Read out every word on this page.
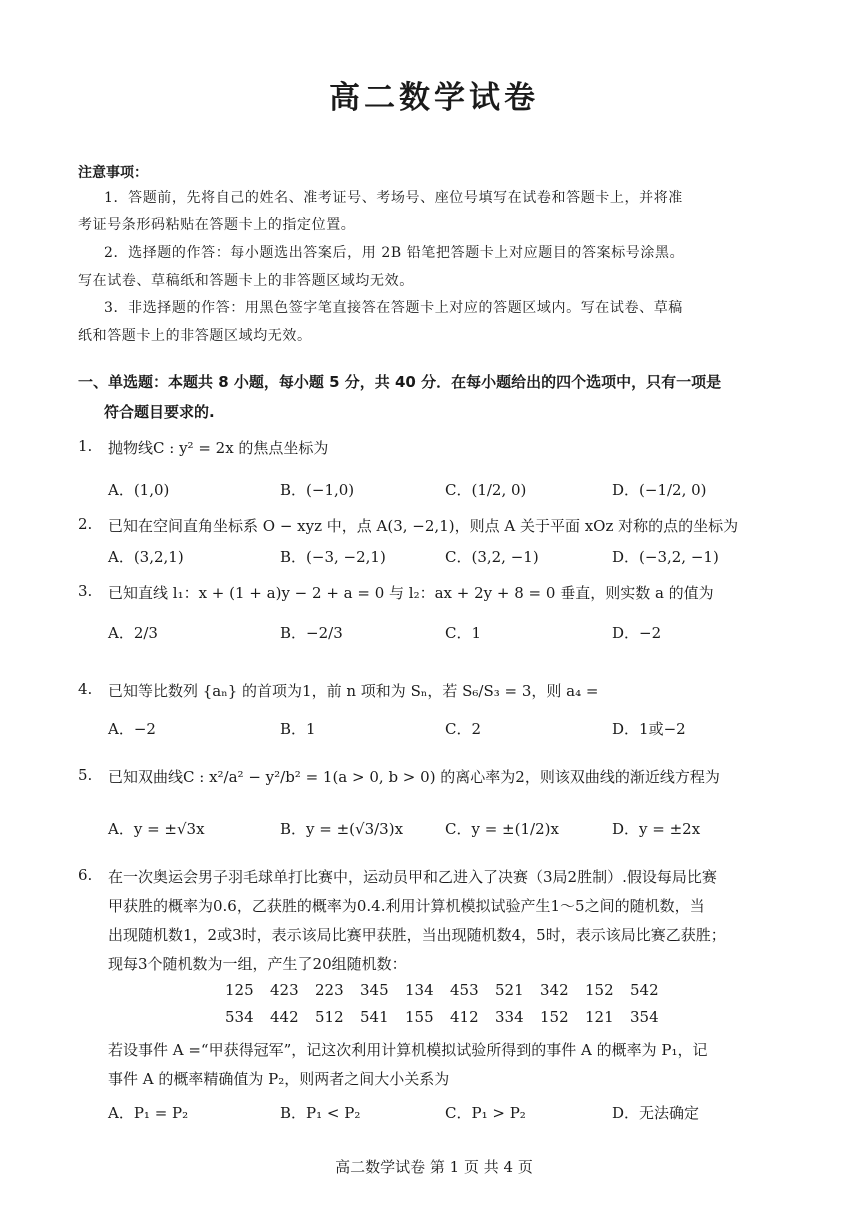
高二数学试卷
注意事项：
1．答题前，先将自己的姓名、准考证号、考场号、座位号填写在试卷和答题卡上，并将准
考证号条形码粘贴在答题卡上的指定位置。
2．选择题的作答：每小题选出答案后，用 2B 铅笔把答题卡上对应题目的答案标号涂黑。
写在试卷、草稿纸和答题卡上的非答题区域均无效。
3．非选择题的作答：用黑色签字笔直接答在答题卡上对应的答题区域内。写在试卷、草稿
纸和答题卡上的非答题区域均无效。
一、单选题：本题共 8 小题，每小题 5 分，共 40 分．在每小题给出的四个选项中，只有一项是
符合题目要求的.
1. 抛物线C : y² = 2x 的焦点坐标为
A．(1,0)	B．(−1,0)	C．(1/2, 0)	D．(−1/2, 0)
2. 已知在空间直角坐标系 O − xyz 中，点 A(3, −2,1)，则点 A 关于平面 xOz 对称的点的坐标为
A．(3,2,1)	B．(−3, −2,1)	C．(3,2, −1)	D．(−3,2, −1)
3. 已知直线 l₁：x + (1 + a)y − 2 + a = 0 与 l₂：ax + 2y + 8 = 0 垂直，则实数 a 的值为
A．2/3	B．−2/3	C．1	D．−2
4. 已知等比数列 {aₙ} 的首项为1，前 n 项和为 Sₙ，若 S₆/S₃ = 3，则 a₄ =
A．−2	B．1	C．2	D．1或−2
5. 已知双曲线C : x²/a² − y²/b² = 1(a > 0, b > 0) 的离心率为2，则该双曲线的渐近线方程为
A．y = ±√3x	B．y = ±(√3/3)x	C．y = ±(1/2)x	D．y = ±2x
6. 在一次奥运会男子羽毛球单打比赛中，运动员甲和乙进入了决赛（3局2胜制）.假设每局比赛
甲获胜的概率为0.6，乙获胜的概率为0.4.利用计算机模拟试验产生1～5之间的随机数，当
出现随机数1，2或3时，表示该局比赛甲获胜，当出现随机数4，5时，表示该局比赛乙获胜；
现每3个随机数为一组，产生了20组随机数：
125 423 223 345 134 453 521 342 152 542
534 442 512 541 155 412 334 152 121 354
若设事件 A =“甲获得冠军”，记这次利用计算机模拟试验所得到的事件 A 的概率为 P₁，记
事件 A 的概率精确值为 P₂，则两者之间大小关系为
A．P₁ = P₂	B．P₁ < P₂	C．P₁ > P₂	D．无法确定
高二数学试卷 第 1 页 共 4 页
